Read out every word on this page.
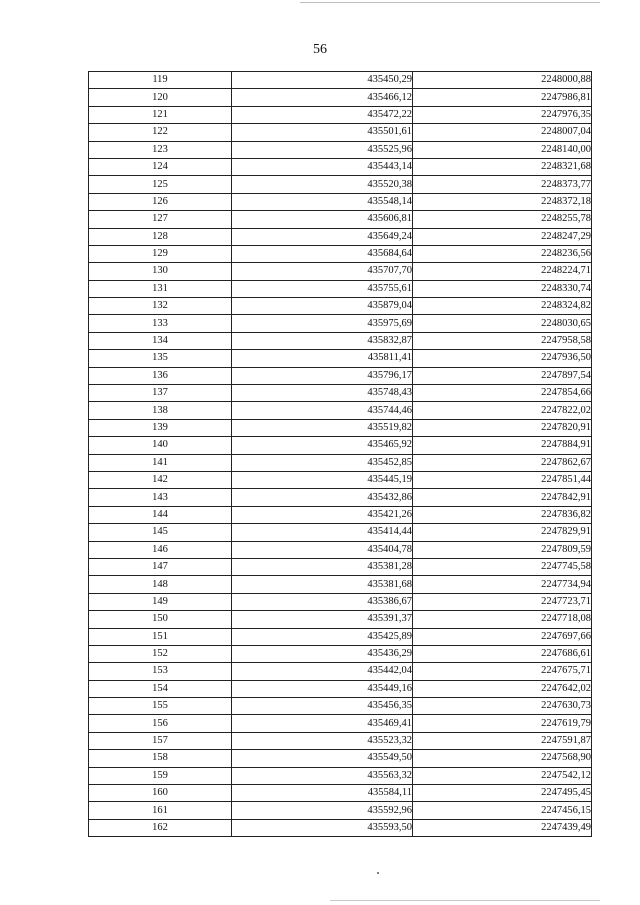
56
119	435450,29	2248000,88
120	435466,12	2247986,81
121	435472,22	2247976,35
122	435501,61	2248007,04
123	435525,96	2248140,00
124	435443,14	2248321,68
125	435520,38	2248373,77
126	435548,14	2248372,18
127	435606,81	2248255,78
128	435649,24	2248247,29
129	435684,64	2248236,56
130	435707,70	2248224,71
131	435755,61	2248330,74
132	435879,04	2248324,82
133	435975,69	2248030,65
134	435832,87	2247958,58
135	435811,41	2247936,50
136	435796,17	2247897,54
137	435748,43	2247854,66
138	435744,46	2247822,02
139	435519,82	2247820,91
140	435465,92	2247884,91
141	435452,85	2247862,67
142	435445,19	2247851,44
143	435432,86	2247842,91
144	435421,26	2247836,82
145	435414,44	2247829,91
146	435404,78	2247809,59
147	435381,28	2247745,58
148	435381,68	2247734,94
149	435386,67	2247723,71
150	435391,37	2247718,08
151	435425,89	2247697,66
152	435436,29	2247686,61
153	435442,04	2247675,71
154	435449,16	2247642,02
155	435456,35	2247630,73
156	435469,41	2247619,79
157	435523,32	2247591,87
158	435549,50	2247568,90
159	435563,32	2247542,12
160	435584,11	2247495,45
161	435592,96	2247456,15
162	435593,50	2247439,49
